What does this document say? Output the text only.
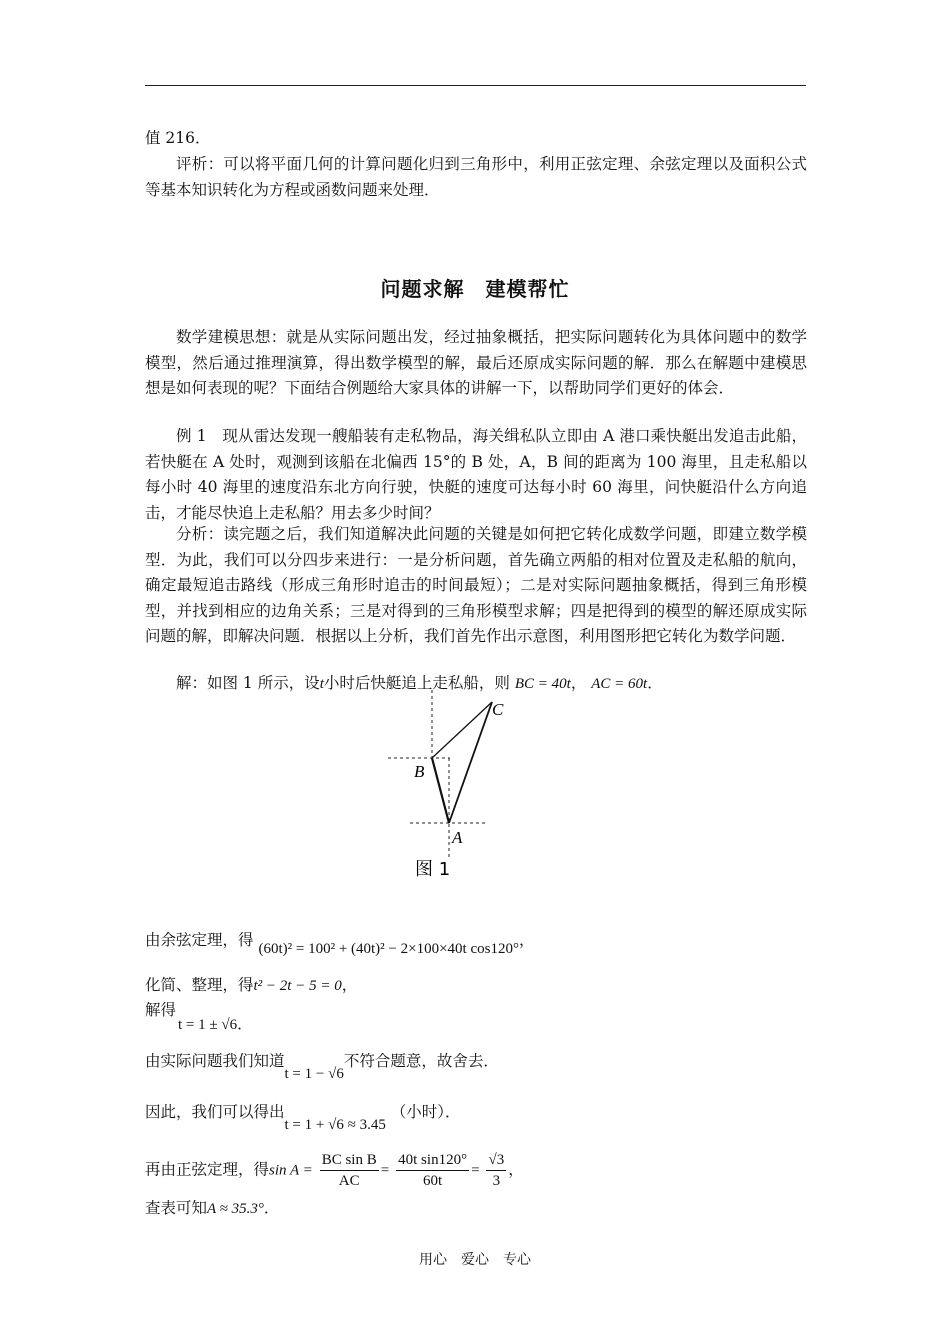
值 216．

评析：可以将平面几何的计算问题化归到三角形中，利用正弦定理、余弦定理以及面积公式等基本知识转化为方程或函数问题来处理．

问题求解　建模帮忙

数学建模思想：就是从实际问题出发，经过抽象概括，把实际问题转化为具体问题中的数学模型，然后通过推理演算，得出数学模型的解，最后还原成实际问题的解．那么在解题中建模思想是如何表现的呢？下面结合例题给大家具体的讲解一下，以帮助同学们更好的体会．

例 1　现从雷达发现一艘船装有走私物品，海关缉私队立即由 A 港口乘快艇出发追击此船，若快艇在 A 处时，观测到该船在北偏西 15°的 B 处，A，B 间的距离为 100 海里，且走私船以每小时 40 海里的速度沿东北方向行驶，快艇的速度可达每小时 60 海里，问快艇沿什么方向追击，才能尽快追上走私船？用去多少时间？

分析：读完题之后，我们知道解决此问题的关键是如何把它转化成数学问题，即建立数学模型．为此，我们可以分四步来进行：一是分析问题，首先确立两船的相对位置及走私船的航向，确定最短追击路线（形成三角形时追击的时间最短）；二是对实际问题抽象概括，得到三角形模型，并找到相应的边角关系；三是对得到的三角形模型求解；四是把得到的模型的解还原成实际问题的解，即解决问题．根据以上分析，我们首先作出示意图，利用图形把它转化为数学问题．

解：如图 1 所示，设t小时后快艇追上走私船，则 BC = 40t， AC = 60t．
C
B
A
图 1
由余弦定理，得 (60t)² = 100² + (40t)² − 2×100×40t cos120°，
化简、整理，得t² − 2t − 5 = 0，
解得
t = 1 ± √6．
由实际问题我们知道t = 1 − √6不符合题意，故舍去．
因此，我们可以得出t = 1 + √6 ≈ 3.45 （小时）．
再由正弦定理，得$\sin A = \frac{\text{BC sin B}}{AC} = \frac{\text{40t sin120°}}{60t} = \frac{√3}{3}$ ，
查表可知A ≈ 35.3°．
用心　爱心　专心
